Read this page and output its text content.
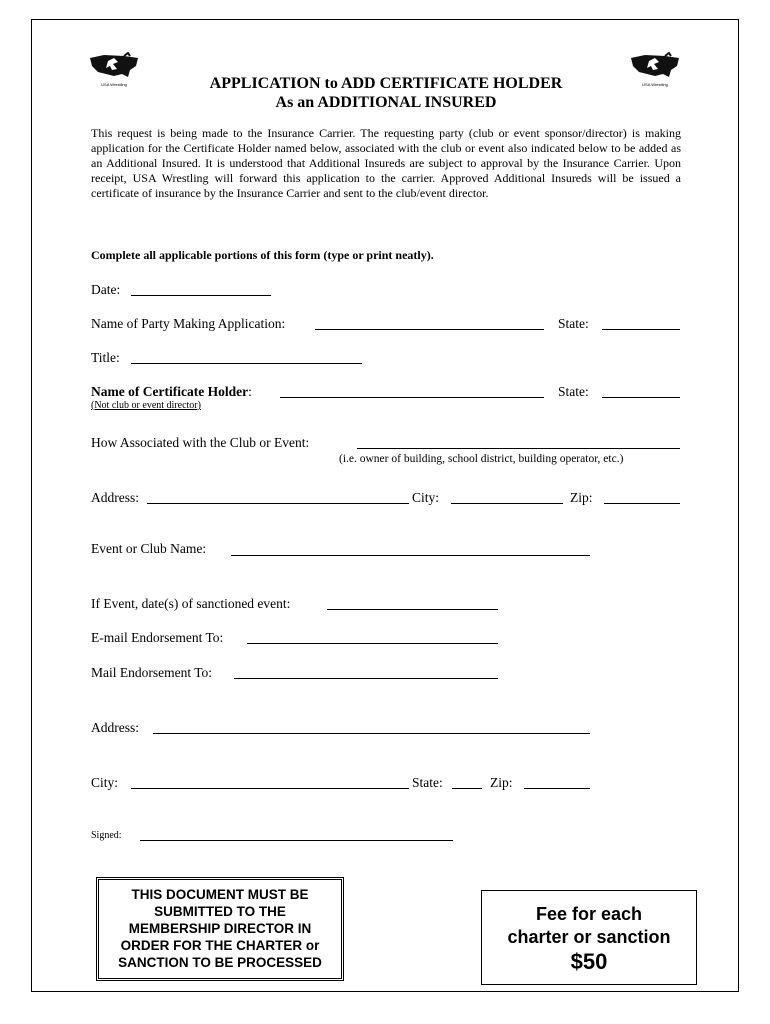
USA Wrestling	USA Wrestling
APPLICATION to ADD CERTIFICATE HOLDER
As an ADDITIONAL INSURED
This request is being made to the Insurance Carrier. The requesting party (club or event sponsor/director) is making application for the Certificate Holder named below, associated with the club or event also indicated below to be added as an Additional Insured. It is understood that Additional Insureds are subject to approval by the Insurance Carrier. Upon receipt, USA Wrestling will forward this application to the carrier. Approved Additional Insureds will be issued a certificate of insurance by the Insurance Carrier and sent to the club/event director.
Complete all applicable portions of this form (type or print neatly).
Date:
Name of Party Making Application:	State:
Title:
Name of Certificate Holder:
(Not club or event director)
State:
How Associated with the Club or Event:
(i.e. owner of building, school district, building operator, etc.)
Address:	City:	Zip:
Event or Club Name:
If Event, date(s) of sanctioned event:
E-mail Endorsement To:
Mail Endorsement To:
Address:
City:	State:	Zip:
Signed:
THIS DOCUMENT MUST BE
SUBMITTED TO THE
MEMBERSHIP DIRECTOR IN
ORDER FOR THE CHARTER or
SANCTION TO BE PROCESSED
Fee for each
charter or sanction
$50
